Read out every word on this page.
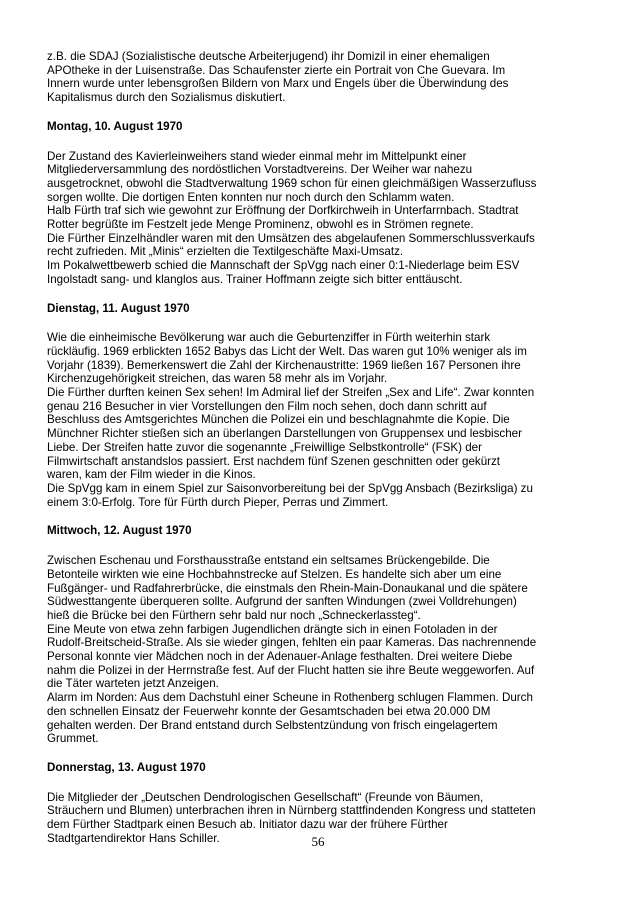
z.B. die SDAJ (Sozialistische deutsche Arbeiterjugend) ihr Domizil in einer ehemaligen
APOtheke in der Luisenstraße. Das Schaufenster zierte ein Portrait von Che Guevara. Im
Innern wurde unter lebensgroßen Bildern von Marx und Engels über die Überwindung des
Kapitalismus durch den Sozialismus diskutiert.

Montag, 10. August 1970

Der Zustand des Kavierleinweihers stand wieder einmal mehr im Mittelpunkt einer
Mitgliederversammlung des nordöstlichen Vorstadtvereins. Der Weiher war nahezu
ausgetrocknet, obwohl die Stadtverwaltung 1969 schon für einen gleichmäßigen Wasserzufluss
sorgen wollte. Die dortigen Enten konnten nur noch durch den Schlamm waten.
Halb Fürth traf sich wie gewohnt zur Eröffnung der Dorfkirchweih in Unterfarrnbach. Stadtrat
Rotter begrüßte im Festzelt jede Menge Prominenz, obwohl es in Strömen regnete.
Die Fürther Einzelhändler waren mit den Umsätzen des abgelaufenen Sommerschlussverkaufs
recht zufrieden. Mit „Minis“ erzielten die Textilgeschäfte Maxi-Umsatz.
Im Pokalwettbewerb schied die Mannschaft der SpVgg nach einer 0:1-Niederlage beim ESV
Ingolstadt sang- und klanglos aus. Trainer Hoffmann zeigte sich bitter enttäuscht.

Dienstag, 11. August 1970

Wie die einheimische Bevölkerung war auch die Geburtenziffer in Fürth weiterhin stark
rückläufig. 1969 erblickten 1652 Babys das Licht der Welt. Das waren gut 10% weniger als im
Vorjahr (1839). Bemerkenswert die Zahl der Kirchenaustritte: 1969 ließen 167 Personen ihre
Kirchenzugehörigkeit streichen, das waren 58 mehr als im Vorjahr.
Die Fürther durften keinen Sex sehen! Im Admiral lief der Streifen „Sex and Life“. Zwar konnten
genau 216 Besucher in vier Vorstellungen den Film noch sehen, doch dann schritt auf
Beschluss des Amtsgerichtes München die Polizei ein und beschlagnahmte die Kopie. Die
Münchner Richter stießen sich an überlangen Darstellungen von Gruppensex und lesbischer
Liebe. Der Streifen hatte zuvor die sogenannte „Freiwillige Selbstkontrolle“ (FSK) der
Filmwirtschaft anstandslos passiert. Erst nachdem fünf Szenen geschnitten oder gekürzt
waren, kam der Film wieder in die Kinos.
Die SpVgg kam in einem Spiel zur Saisonvorbereitung bei der SpVgg Ansbach (Bezirksliga) zu
einem 3:0-Erfolg. Tore für Fürth durch Pieper, Perras und Zimmert.

Mittwoch, 12. August 1970

Zwischen Eschenau und Forsthausstraße entstand ein seltsames Brückengebilde. Die
Betonteile wirkten wie eine Hochbahnstrecke auf Stelzen. Es handelte sich aber um eine
Fußgänger- und Radfahrerbrücke, die einstmals den Rhein-Main-Donaukanal und die spätere
Südwesttangente überqueren sollte. Aufgrund der sanften Windungen (zwei Volldrehungen)
hieß die Brücke bei den Fürthern sehr bald nur noch „Schneckerlassteg“.
Eine Meute von etwa zehn farbigen Jugendlichen drängte sich in einen Fotoladen in der
Rudolf-Breitscheid-Straße. Als sie wieder gingen, fehlten ein paar Kameras. Das nachrennende
Personal konnte vier Mädchen noch in der Adenauer-Anlage festhalten. Drei weitere Diebe
nahm die Polizei in der Herrnstraße fest. Auf der Flucht hatten sie ihre Beute weggeworfen. Auf
die Täter warteten jetzt Anzeigen.
Alarm im Norden: Aus dem Dachstuhl einer Scheune in Rothenberg schlugen Flammen. Durch
den schnellen Einsatz der Feuerwehr konnte der Gesamtschaden bei etwa 20.000 DM
gehalten werden. Der Brand entstand durch Selbstentzündung von frisch eingelagertem
Grummet.

Donnerstag, 13. August 1970

Die Mitglieder der „Deutschen Dendrologischen Gesellschaft“ (Freunde von Bäumen,
Sträuchern und Blumen) unterbrachen ihren in Nürnberg stattfindenden Kongress und statteten
dem Fürther Stadtpark einen Besuch ab. Initiator dazu war der frühere Fürther
Stadtgartendirektor Hans Schiller.	56
